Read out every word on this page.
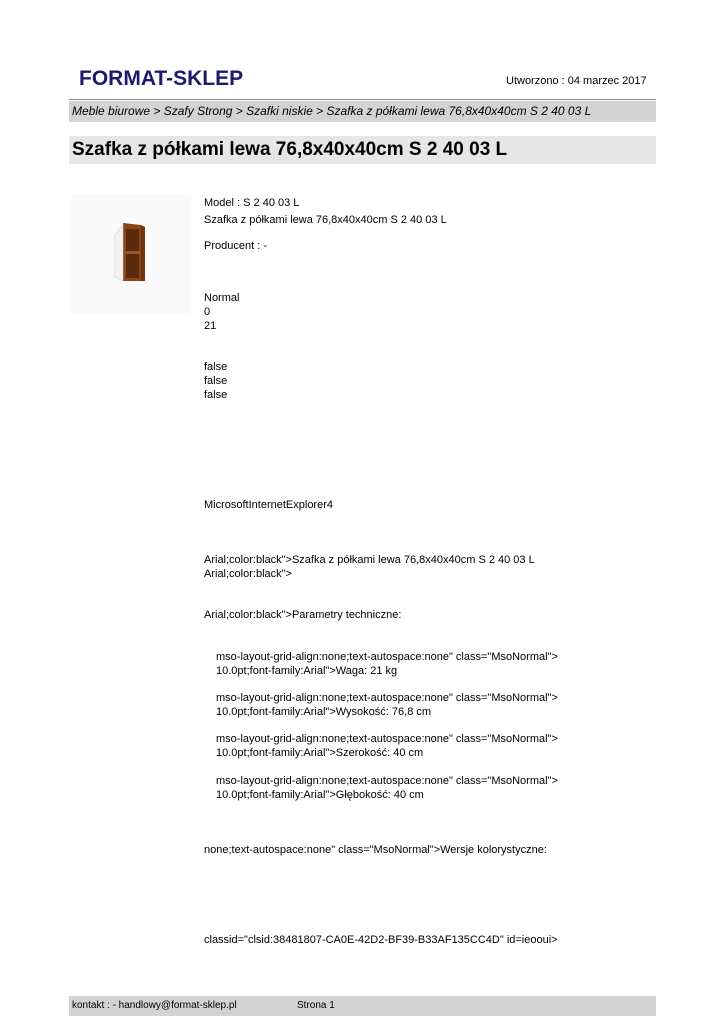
FORMAT-SKLEP	Utworzono : 04 marzec 2017
Meble biurowe > Szafy Strong > Szafki niskie > Szafka z półkami lewa 76,8x40x40cm S 2 40 03 L
Szafka z półkami lewa 76,8x40x40cm S 2 40 03 L
Model : S 2 40 03 L
Szafka z półkami lewa 76,8x40x40cm S 2 40 03 L
Producent : -
Normal
0
21
false
false
false
MicrosoftInternetExplorer4
Arial;color:black">Szafka z półkami lewa 76,8x40x40cm S 2 40 03 L
Arial;color:black">
Arial;color:black">Parametry techniczne:
mso-layout-grid-align:none;text-autospace:none" class="MsoNormal">
10.0pt;font-family:Arial">Waga: 21 kg
mso-layout-grid-align:none;text-autospace:none" class="MsoNormal">
10.0pt;font-family:Arial">Wysokość: 76,8 cm
mso-layout-grid-align:none;text-autospace:none" class="MsoNormal">
10.0pt;font-family:Arial">Szerokość: 40 cm
mso-layout-grid-align:none;text-autospace:none" class="MsoNormal">
10.0pt;font-family:Arial">Głębokość: 40 cm
none;text-autospace:none" class="MsoNormal">Wersje kolorystyczne:
classid="clsid:38481807-CA0E-42D2-BF39-B33AF135CC4D" id=ieooui>
kontakt : - handlowy@format-sklep.pl	Strona 1
